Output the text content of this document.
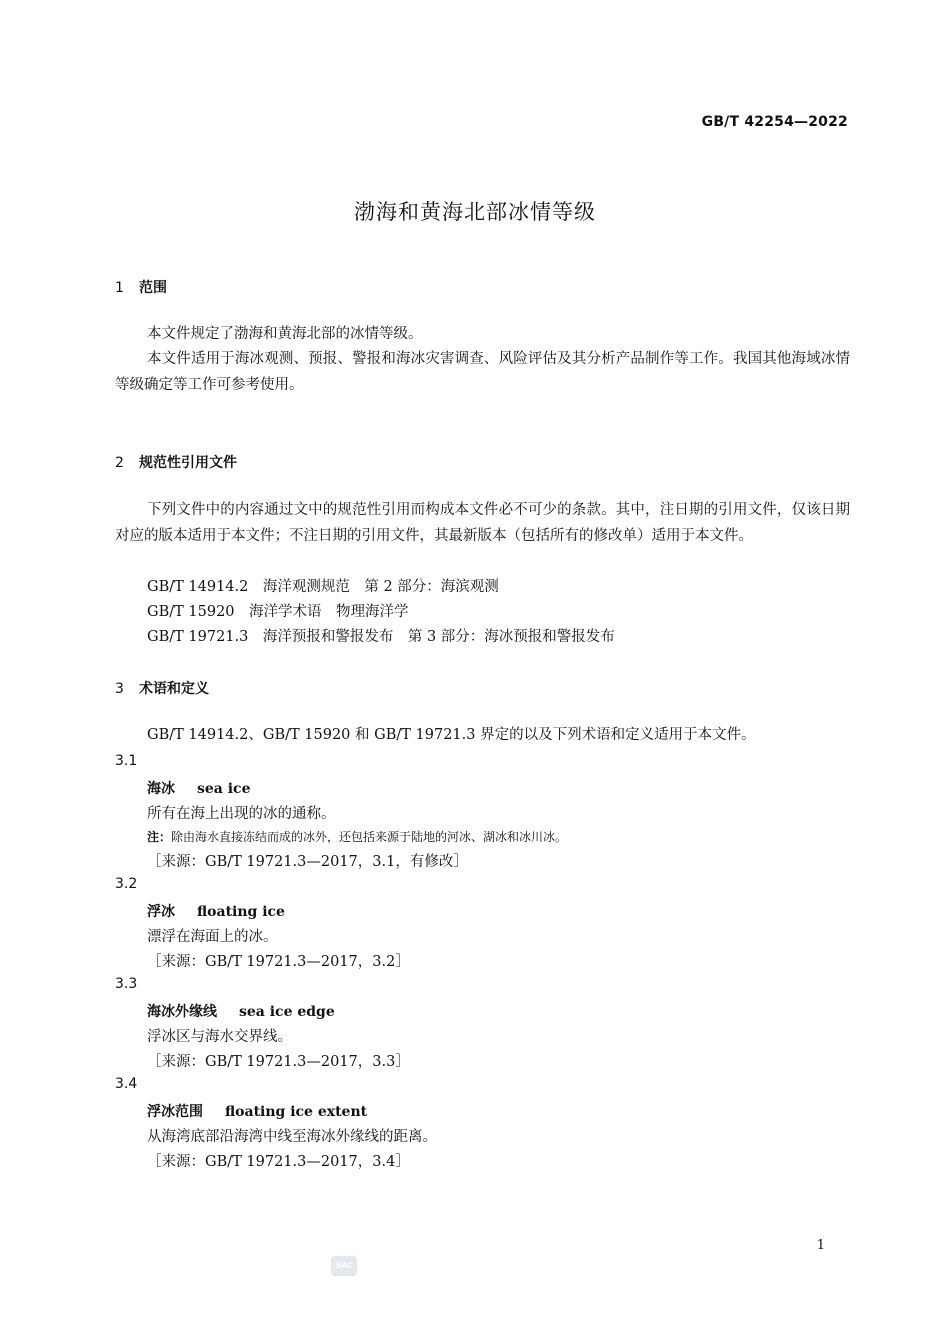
GB/T 42254—2022
渤海和黄海北部冰情等级
1 范围
本文件规定了渤海和黄海北部的冰情等级。
本文件适用于海冰观测、预报、警报和海冰灾害调查、风险评估及其分析产品制作等工作。我国其他海域冰情等级确定等工作可参考使用。
2 规范性引用文件
下列文件中的内容通过文中的规范性引用而构成本文件必不可少的条款。其中，注日期的引用文件，仅该日期对应的版本适用于本文件；不注日期的引用文件，其最新版本（包括所有的修改单）适用于本文件。
GB/T 14914.2　海洋观测规范　第 2 部分：海滨观测
GB/T 15920　海洋学术语　物理海洋学
GB/T 19721.3　海洋预报和警报发布　第 3 部分：海冰预报和警报发布
3 术语和定义
GB/T 14914.2、GB/T 15920 和 GB/T 19721.3 界定的以及下列术语和定义适用于本文件。
3.1
海冰 sea ice
所有在海上出现的冰的通称。
注：除由海水直接冻结而成的冰外，还包括来源于陆地的河冰、湖冰和冰川冰。
［来源：GB/T 19721.3—2017，3.1，有修改］
3.2
浮冰 floating ice
漂浮在海面上的冰。
［来源：GB/T 19721.3—2017，3.2］
3.3
海冰外缘线 sea ice edge
浮冰区与海水交界线。
［来源：GB/T 19721.3—2017，3.3］
3.4
浮冰范围 floating ice extent
从海湾底部沿海湾中线至海冰外缘线的距离。
［来源：GB/T 19721.3—2017，3.4］
1
SAC
